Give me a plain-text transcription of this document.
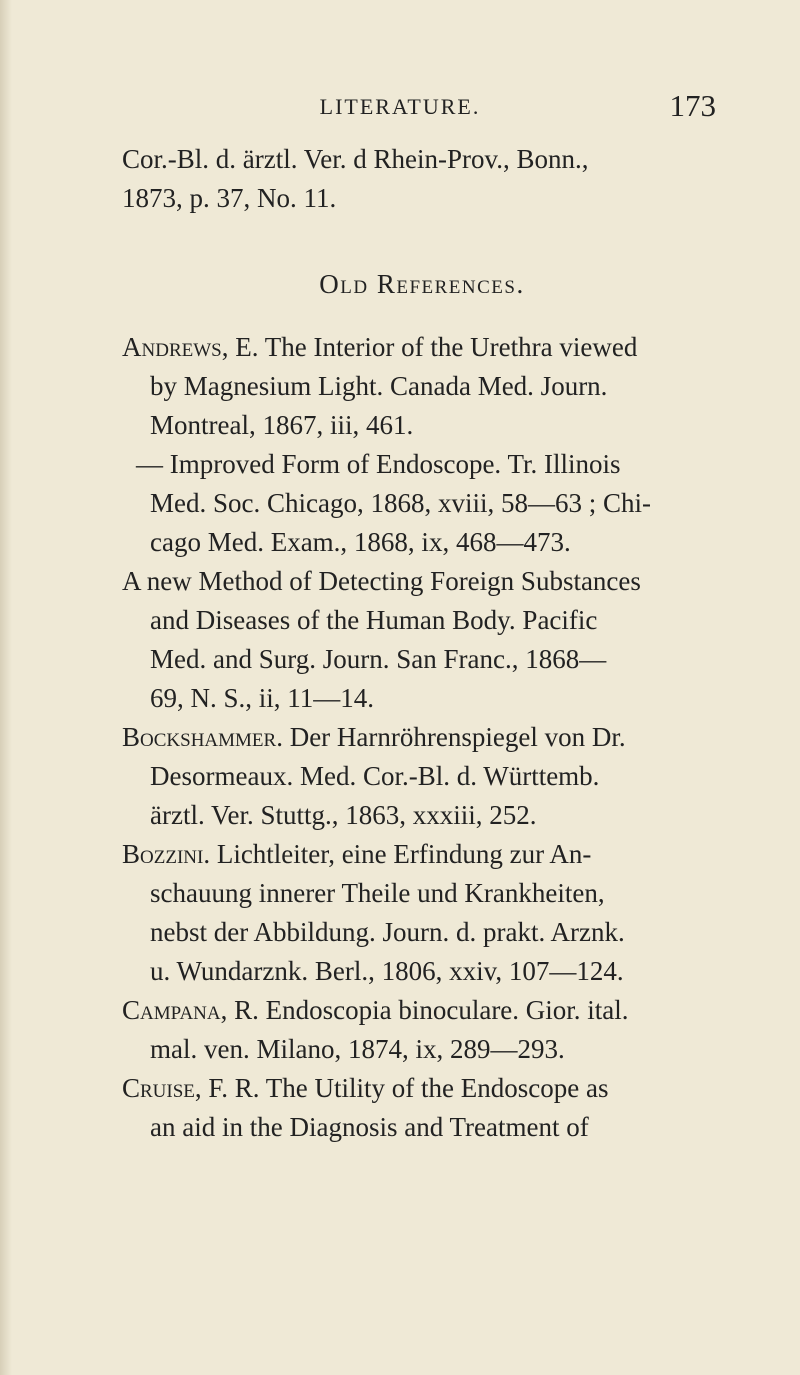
LITERATURE.	173

Cor.-Bl. d. ärztl. Ver. d Rhein-Prov., Bonn.,
1873, p. 37, No. 11.

Old References.

Andrews, E. The Interior of the Urethra viewed
by Magnesium Light. Canada Med. Journ.
Montreal, 1867, iii, 461.

— Improved Form of Endoscope. Tr. Illinois
Med. Soc. Chicago, 1868, xviii, 58—63 ; Chi-
cago Med. Exam., 1868, ix, 468—473.

A new Method of Detecting Foreign Substances
and Diseases of the Human Body. Pacific
Med. and Surg. Journ. San Franc., 1868—
69, N. S., ii, 11—14.

Bockshammer. Der Harnröhrenspiegel von Dr.
Desormeaux. Med. Cor.-Bl. d. Württemb.
ärztl. Ver. Stuttg., 1863, xxxiii, 252.

Bozzini. Lichtleiter, eine Erfindung zur An-
schauung innerer Theile und Krankheiten,
nebst der Abbildung. Journ. d. prakt. Arznk.
u. Wundarznk. Berl., 1806, xxiv, 107—124.

Campana, R. Endoscopia binoculare. Gior. ital.
mal. ven. Milano, 1874, ix, 289—293.

Cruise, F. R. The Utility of the Endoscope as
an aid in the Diagnosis and Treatment of
